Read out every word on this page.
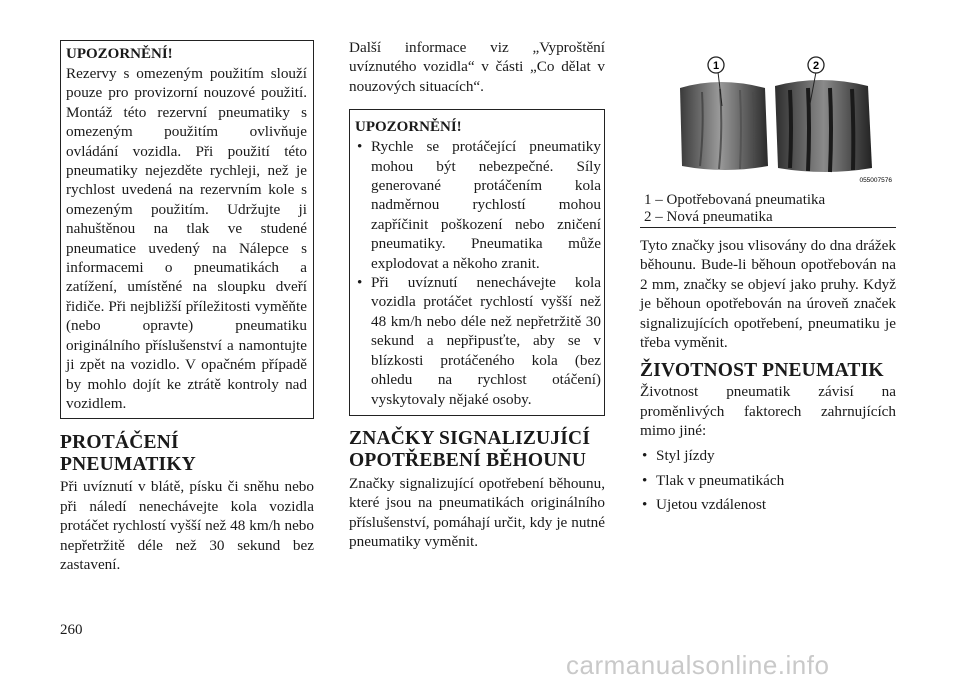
UPOZORNĚNÍ!

Rezervy s omezeným použitím slouží pouze pro provizorní nouzové použití. Montáž této rezervní pneumatiky s omezeným použitím ovlivňuje ovládání vozidla. Při použití této pneumatiky nejezděte rychleji, než je rychlost uvedená na rezervním kole s omezeným použitím. Udržujte ji nahuštěnou na tlak ve studené pneumatice uvedený na Nálepce s informacemi o pneumatikách a zatížení, umístěné na sloupku dveří řidiče. Při nejbližší příležitosti vyměňte (nebo opravte) pneumatiku originálního příslušenství a namontujte ji zpět na vozidlo. V opačném případě by mohlo dojít ke ztrátě kontroly nad vozidlem.

PROTÁČENÍ PNEUMATIKY

Při uvíznutí v blátě, písku či sněhu nebo při náledí nenechávejte kola vozidla protáčet rychlostí vyšší než 48 km/h nebo nepřetržitě déle než 30 sekund bez zastavení.

Další informace viz „Vyproštění uvíznutého vozidla“ v části „Co dělat v nouzových situacích“.

UPOZORNĚNÍ!
• Rychle se protáčející pneumatiky mohou být nebezpečné. Síly generované protáčením kola nadměrnou rychlostí mohou zapříčinit poškození nebo zničení pneumatiky. Pneumatika může explodovat a někoho zranit.
• Při uvíznutí nenechávejte kola vozidla protáčet rychlostí vyšší než 48 km/h nebo déle než nepřetržitě 30 sekund a nepřipusťte, aby se v blízkosti protáčeného kola (bez ohledu na rychlost otáčení) vyskytovaly nějaké osoby.
ZNAČKY SIGNALIZUJÍCÍ OPOTŘEBENÍ BĚHOUNU

Značky signalizující opotřebení běhounu, které jsou na pneumatikách originálního příslušenství, pomáhají určit, kdy je nutné pneumatiky vyměnit.

1	2
055007576
1 – Opotřebovaná pneumatika
2 – Nová pneumatika

Tyto značky jsou vlisovány do dna drážek běhounu. Bude-li běhoun opotřebován na 2 mm, značky se objeví jako pruhy. Když je běhoun opotřebován na úroveň značek signalizujících opotřebení, pneumatiku je třeba vyměnit.

ŽIVOTNOST PNEUMATIK

Životnost pneumatik závisí na proměnlivých faktorech zahrnujících mimo jiné:

• Styl jízdy
• Tlak v pneumatikách
• Ujetou vzdálenost
260
carmanualsonline.info
